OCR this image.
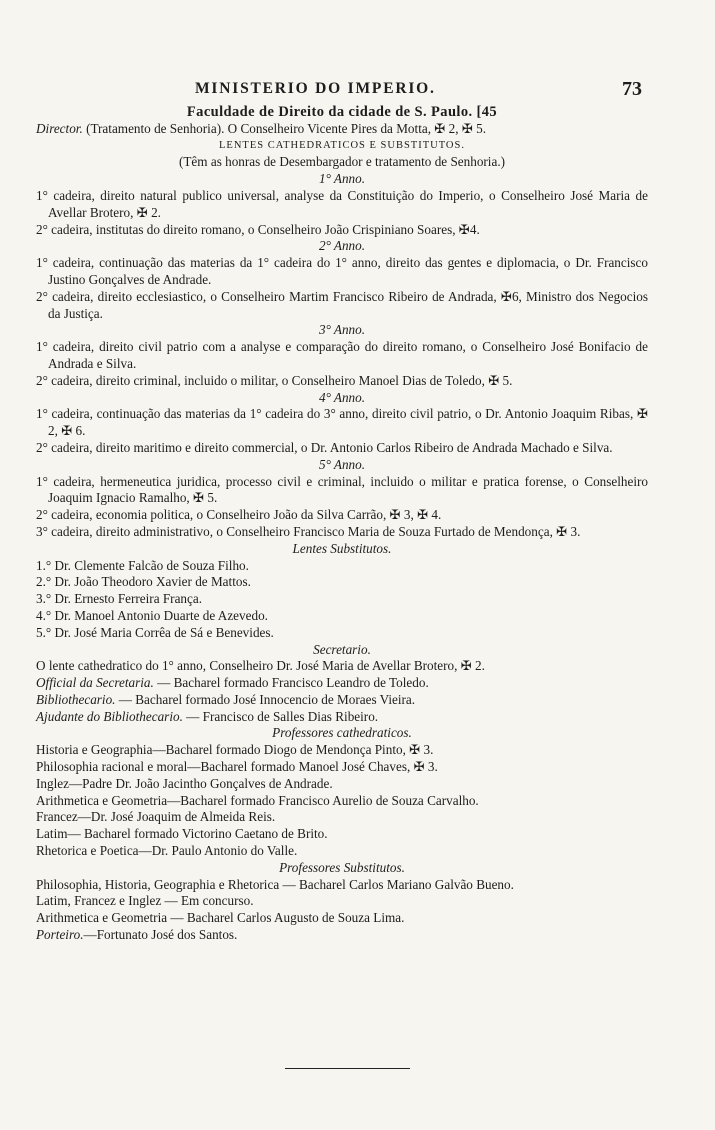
MINISTERIO DO IMPERIO.	73

Faculdade de Direito da cidade de S. Paulo. [45

Director. (Tratamento de Senhoria). O Conselheiro Vicente Pires da Motta, ✠ 2, ✠ 5.

LENTES CATHEDRATICOS E SUBSTITUTOS.

(Têm as honras de Desembargador e tratamento de Senhoria.)

1° Anno.

1° cadeira, direito natural publico universal, analyse da Constituição do Imperio, o Conselheiro José Maria de Avellar Brotero, ✠ 2.

2° cadeira, institutas do direito romano, o Conselheiro João Crispiniano Soares, ✠4.

2° Anno.

1° cadeira, continuação das materias da 1° cadeira do 1° anno, direito das gentes e diplomacia, o Dr. Francisco Justino Gonçalves de Andrade.

2° cadeira, direito ecclesiastico, o Conselheiro Martim Francisco Ribeiro de Andrada, ✠6, Ministro dos Negocios da Justiça.

3° Anno.

1° cadeira, direito civil patrio com a analyse e comparação do direito romano, o Conselheiro José Bonifacio de Andrada e Silva.

2° cadeira, direito criminal, incluido o militar, o Conselheiro Manoel Dias de Toledo, ✠ 5.

4° Anno.

1° cadeira, continuação das materias da 1° cadeira do 3° anno, direito civil patrio, o Dr. Antonio Joaquim Ribas, ✠ 2, ✠ 6.

2° cadeira, direito maritimo e direito commercial, o Dr. Antonio Carlos Ribeiro de Andrada Machado e Silva.

5° Anno.

1° cadeira, hermeneutica juridica, processo civil e criminal, incluido o militar e pratica forense, o Conselheiro Joaquim Ignacio Ramalho, ✠ 5.

2° cadeira, economia politica, o Conselheiro João da Silva Carrão, ✠ 3, ✠ 4.

3° cadeira, direito administrativo, o Conselheiro Francisco Maria de Souza Furtado de Mendonça, ✠ 3.

Lentes Substitutos.

1.° Dr. Clemente Falcão de Souza Filho.

2.° Dr. João Theodoro Xavier de Mattos.

3.° Dr. Ernesto Ferreira França.

4.° Dr. Manoel Antonio Duarte de Azevedo.

5.° Dr. José Maria Corrêa de Sá e Benevides.

Secretario.

O lente cathedratico do 1° anno, Conselheiro Dr. José Maria de Avellar Brotero, ✠ 2.

Official da Secretaria. — Bacharel formado Francisco Leandro de Toledo.

Bibliothecario. — Bacharel formado José Innocencio de Moraes Vieira.

Ajudante do Bibliothecario. — Francisco de Salles Dias Ribeiro.

Professores cathedraticos.

Historia e Geographia—Bacharel formado Diogo de Mendonça Pinto, ✠ 3.

Philosophia racional e moral—Bacharel formado Manoel José Chaves, ✠ 3.

Inglez—Padre Dr. João Jacintho Gonçalves de Andrade.

Arithmetica e Geometria—Bacharel formado Francisco Aurelio de Souza Carvalho.

Francez—Dr. José Joaquim de Almeida Reis.

Latim— Bacharel formado Victorino Caetano de Brito.

Rhetorica e Poetica—Dr. Paulo Antonio do Valle.

Professores Substitutos.

Philosophia, Historia, Geographia e Rhetorica — Bacharel Carlos Mariano Galvão Bueno.

Latim, Francez e Inglez — Em concurso.

Arithmetica e Geometria — Bacharel Carlos Augusto de Souza Lima.

Porteiro.—Fortunato José dos Santos.
